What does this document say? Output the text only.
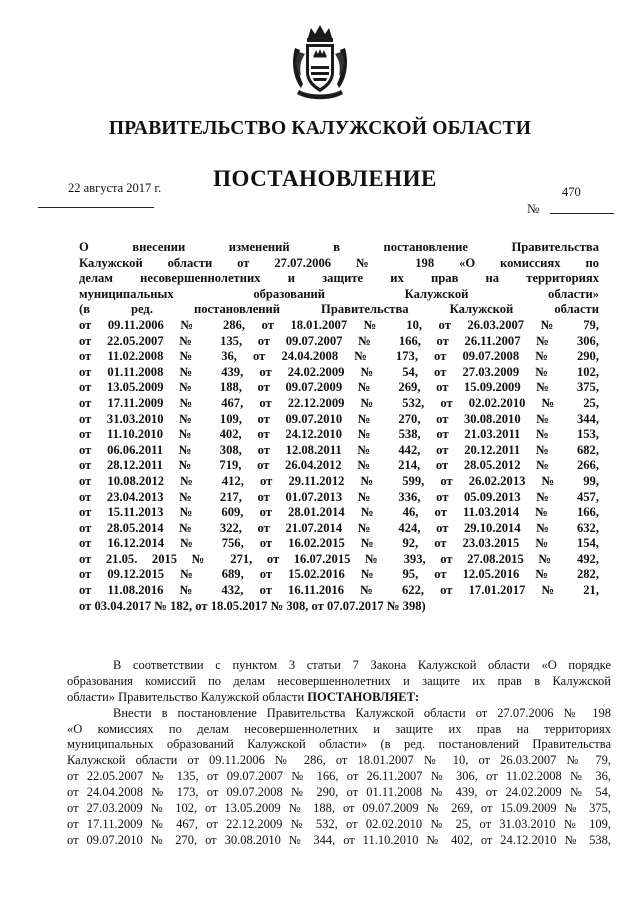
ПРАВИТЕЛЬСТВО КАЛУЖСКОЙ ОБЛАСТИ
ПОСТАНОВЛЕНИЕ
22 августа 2017 г.	470
№
О внесении изменений в постановление Правительства
Калужской области от 27.07.2006 № 198 «О комиссиях по
делам несовершеннолетних и защите их прав на территориях
муниципальных образований Калужской области»
(в ред. постановлений Правительства Калужской области
от 09.11.2006 № 286, от 18.01.2007 № 10, от 26.03.2007 № 79,
от 22.05.2007 № 135, от 09.07.2007 № 166, от 26.11.2007 № 306,
от 11.02.2008 № 36, от 24.04.2008 № 173, от 09.07.2008 № 290,
от 01.11.2008 № 439, от 24.02.2009 № 54, от 27.03.2009 № 102,
от 13.05.2009 № 188, от 09.07.2009 № 269, от 15.09.2009 № 375,
от 17.11.2009 № 467, от 22.12.2009 № 532, от 02.02.2010 № 25,
от 31.03.2010 № 109, от 09.07.2010 № 270, от 30.08.2010 № 344,
от 11.10.2010 № 402, от 24.12.2010 № 538, от 21.03.2011 № 153,
от 06.06.2011 № 308, от 12.08.2011 № 442, от 20.12.2011 № 682,
от 28.12.2011 № 719, от 26.04.2012 № 214, от 28.05.2012 № 266,
от 10.08.2012 № 412, от 29.11.2012 № 599, от 26.02.2013 № 99,
от 23.04.2013 № 217, от 01.07.2013 № 336, от 05.09.2013 № 457,
от 15.11.2013 № 609, от 28.01.2014 № 46, от 11.03.2014 № 166,
от 28.05.2014 № 322, от 21.07.2014 № 424, от 29.10.2014 № 632,
от 16.12.2014 № 756, от 16.02.2015 № 92, от 23.03.2015 № 154,
от 21.05. 2015 № 271, от 16.07.2015 № 393, от 27.08.2015 № 492,
от 09.12.2015 № 689, от 15.02.2016 № 95, от 12.05.2016 № 282,
от 11.08.2016 № 432, от 16.11.2016 № 622, от 17.01.2017 № 21,
от 03.04.2017 № 182, от 18.05.2017 № 308, от 07.07.2017 № 398)
В соответствии с пунктом 3 статьи 7 Закона Калужской области «О порядке
образования комиссий по делам несовершеннолетних и защите их прав в Калужской
области» Правительство Калужской области ПОСТАНОВЛЯЕТ:
Внести в постановление Правительства Калужской области от 27.07.2006 № 198
«О комиссиях по делам несовершеннолетних и защите их прав на территориях
муниципальных образований Калужской области» (в ред. постановлений Правительства
Калужской области от 09.11.2006 № 286, от 18.01.2007 № 10, от 26.03.2007 № 79,
от 22.05.2007 № 135, от 09.07.2007 № 166, от 26.11.2007 № 306, от 11.02.2008 № 36,
от 24.04.2008 № 173, от 09.07.2008 № 290, от 01.11.2008 № 439, от 24.02.2009 № 54,
от 27.03.2009 № 102, от 13.05.2009 № 188, от 09.07.2009 № 269, от 15.09.2009 № 375,
от 17.11.2009 № 467, от 22.12.2009 № 532, от 02.02.2010 № 25, от 31.03.2010 № 109,
от 09.07.2010 № 270, от 30.08.2010 № 344, от 11.10.2010 № 402, от 24.12.2010 № 538,
